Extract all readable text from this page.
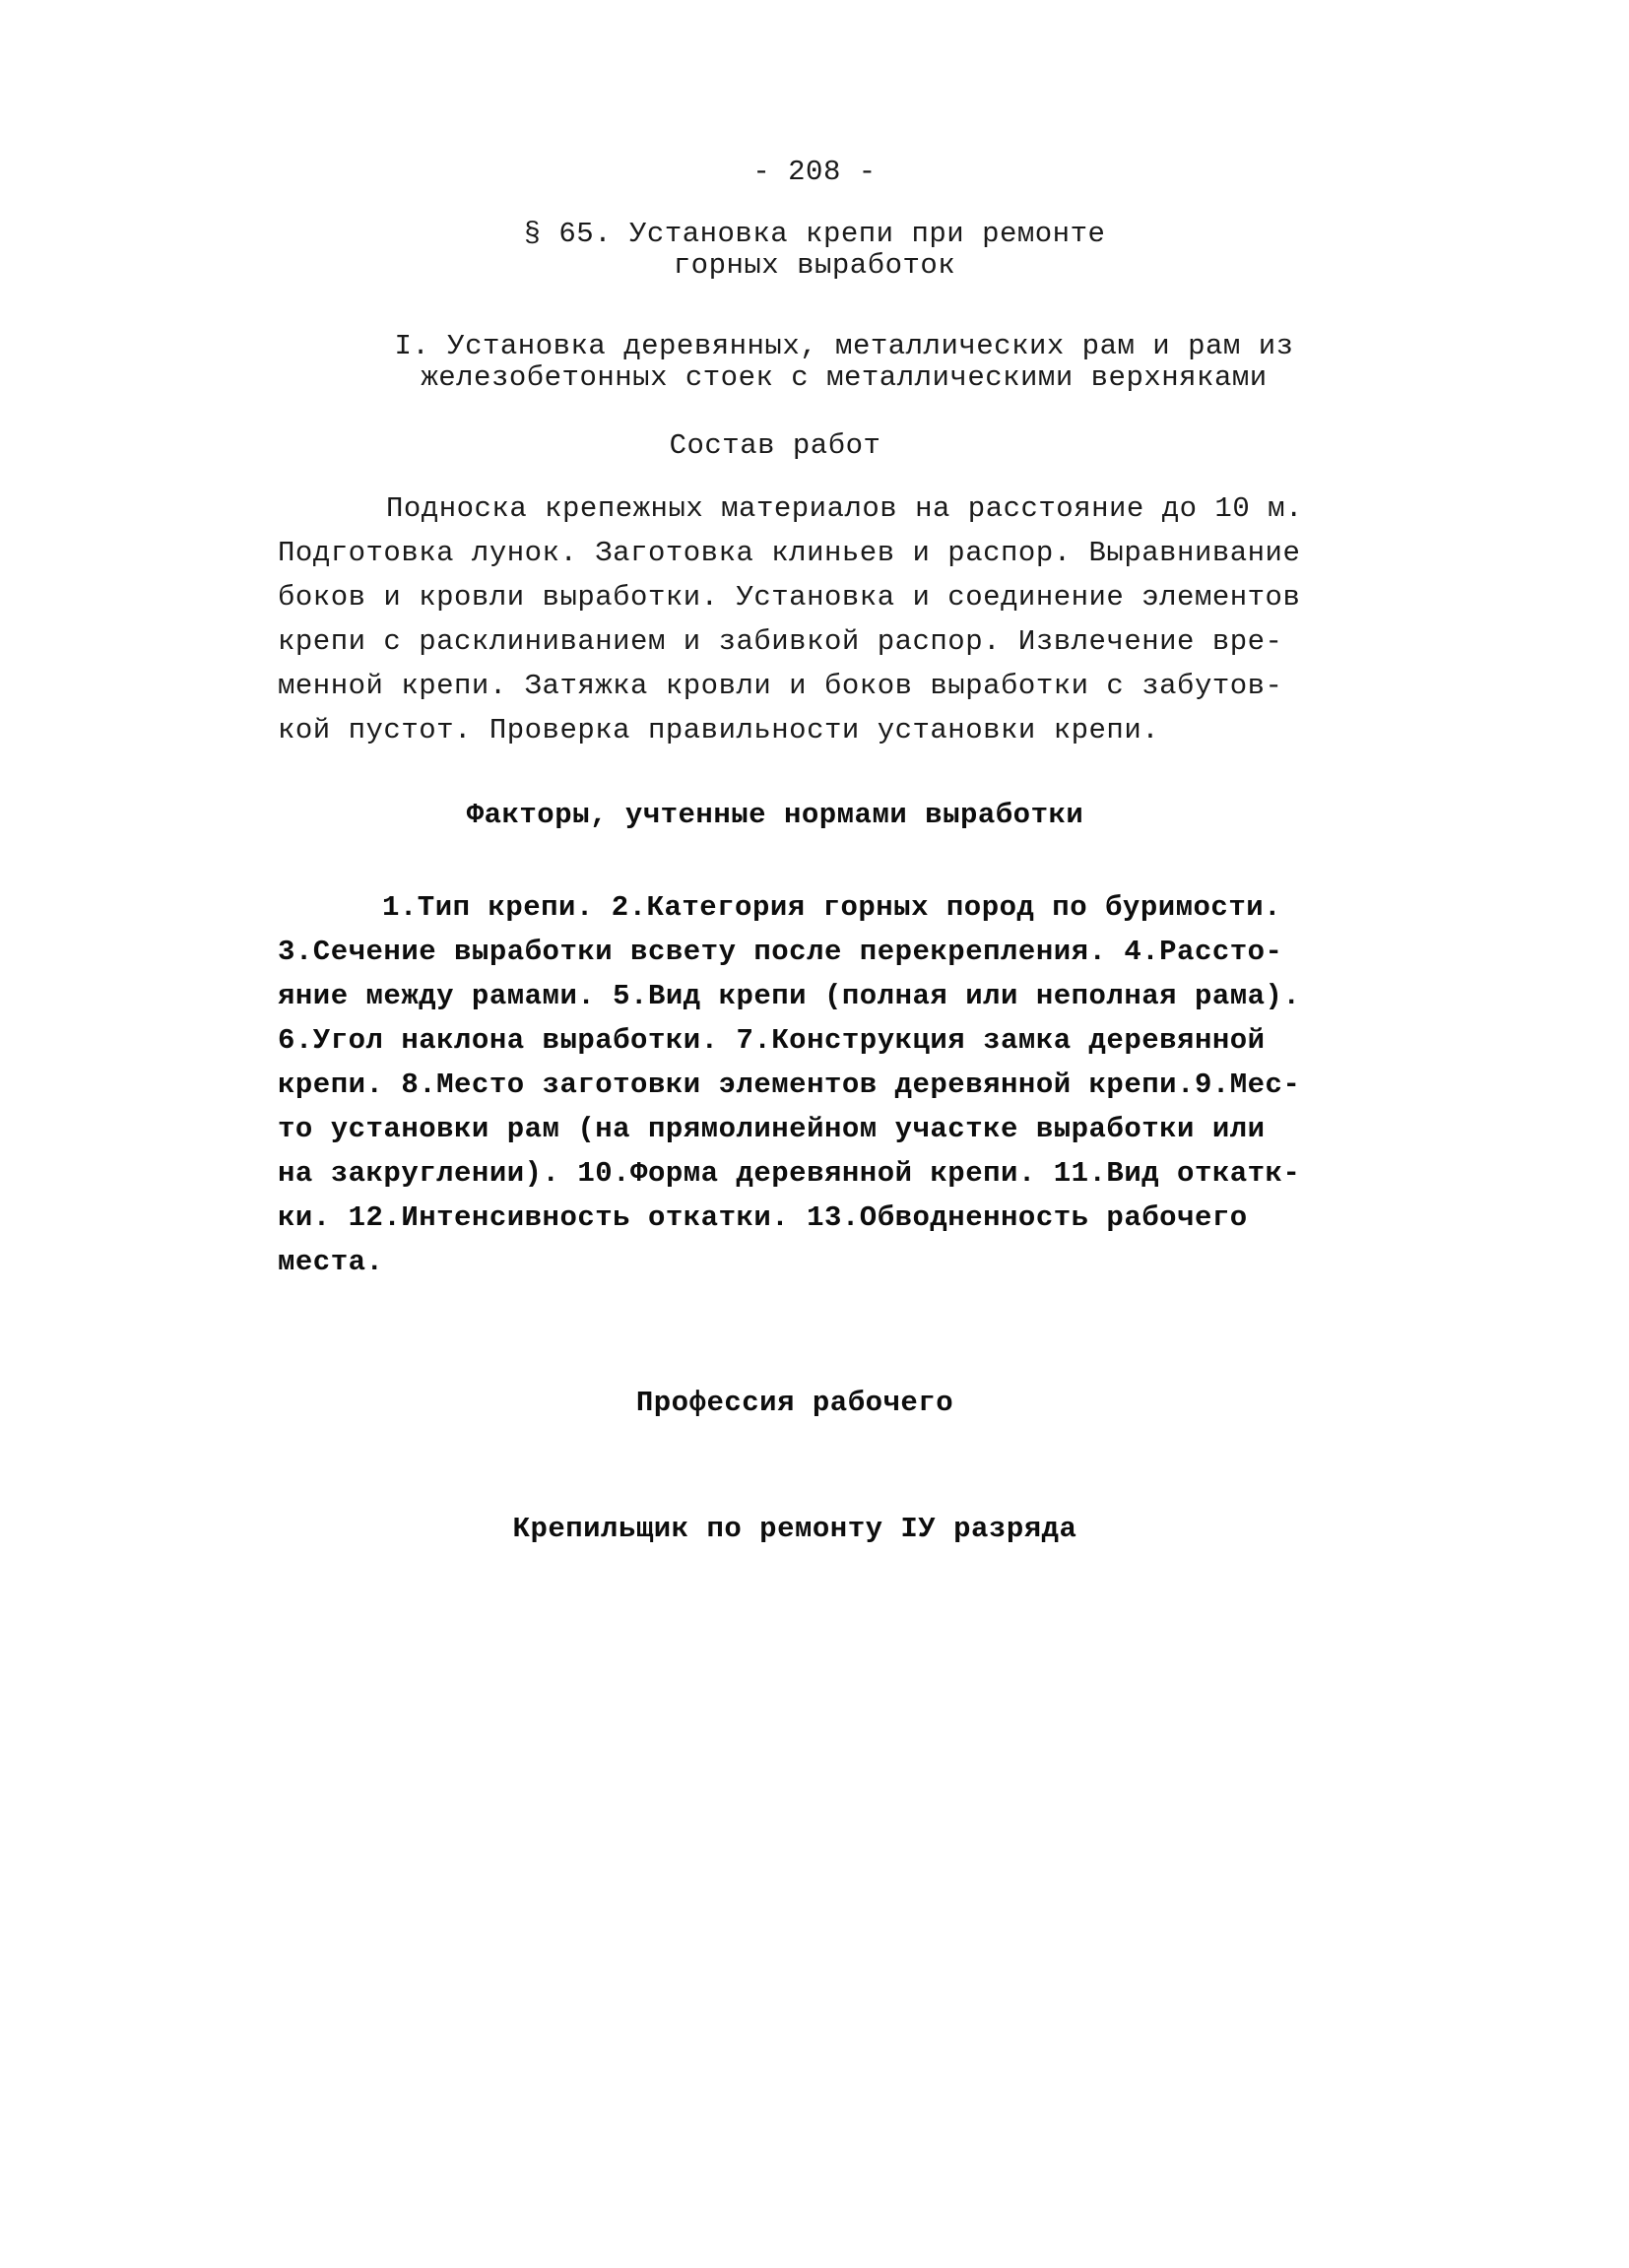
- 208 -
§ 65. Установка крепи при ремонте
горных выработок
I. Установка деревянных, металлических рам и рам из
железобетонных стоек с металлическими верхняками
Состав работ
Подноска крепежных материалов на расстояние до 10 м.
Подготовка лунок. Заготовка клиньев и распор. Выравнивание
боков и кровли выработки. Установка и соединение элементов
крепи с расклиниванием и забивкой распор. Извлечение вре-
менной крепи. Затяжка кровли и боков выработки с забутов-
кой пустот. Проверка правильности установки крепи.
Факторы, учтенные нормами выработки
1.Тип крепи. 2.Категория горных пород по буримости.
3.Сечение выработки всвету после перекрепления. 4.Рассто-
яние между рамами. 5.Вид крепи (полная или неполная рама).
6.Угол наклона выработки. 7.Конструкция замка деревянной
крепи. 8.Место заготовки элементов деревянной крепи.9.Мес-
то установки рам (на прямолинейном участке выработки или
на закруглении). 10.Форма деревянной крепи. 11.Вид откатк-
ки. 12.Интенсивность откатки. 13.Обводненность рабочего
места.
Профессия рабочего
Крепильщик по ремонту IУ разряда
